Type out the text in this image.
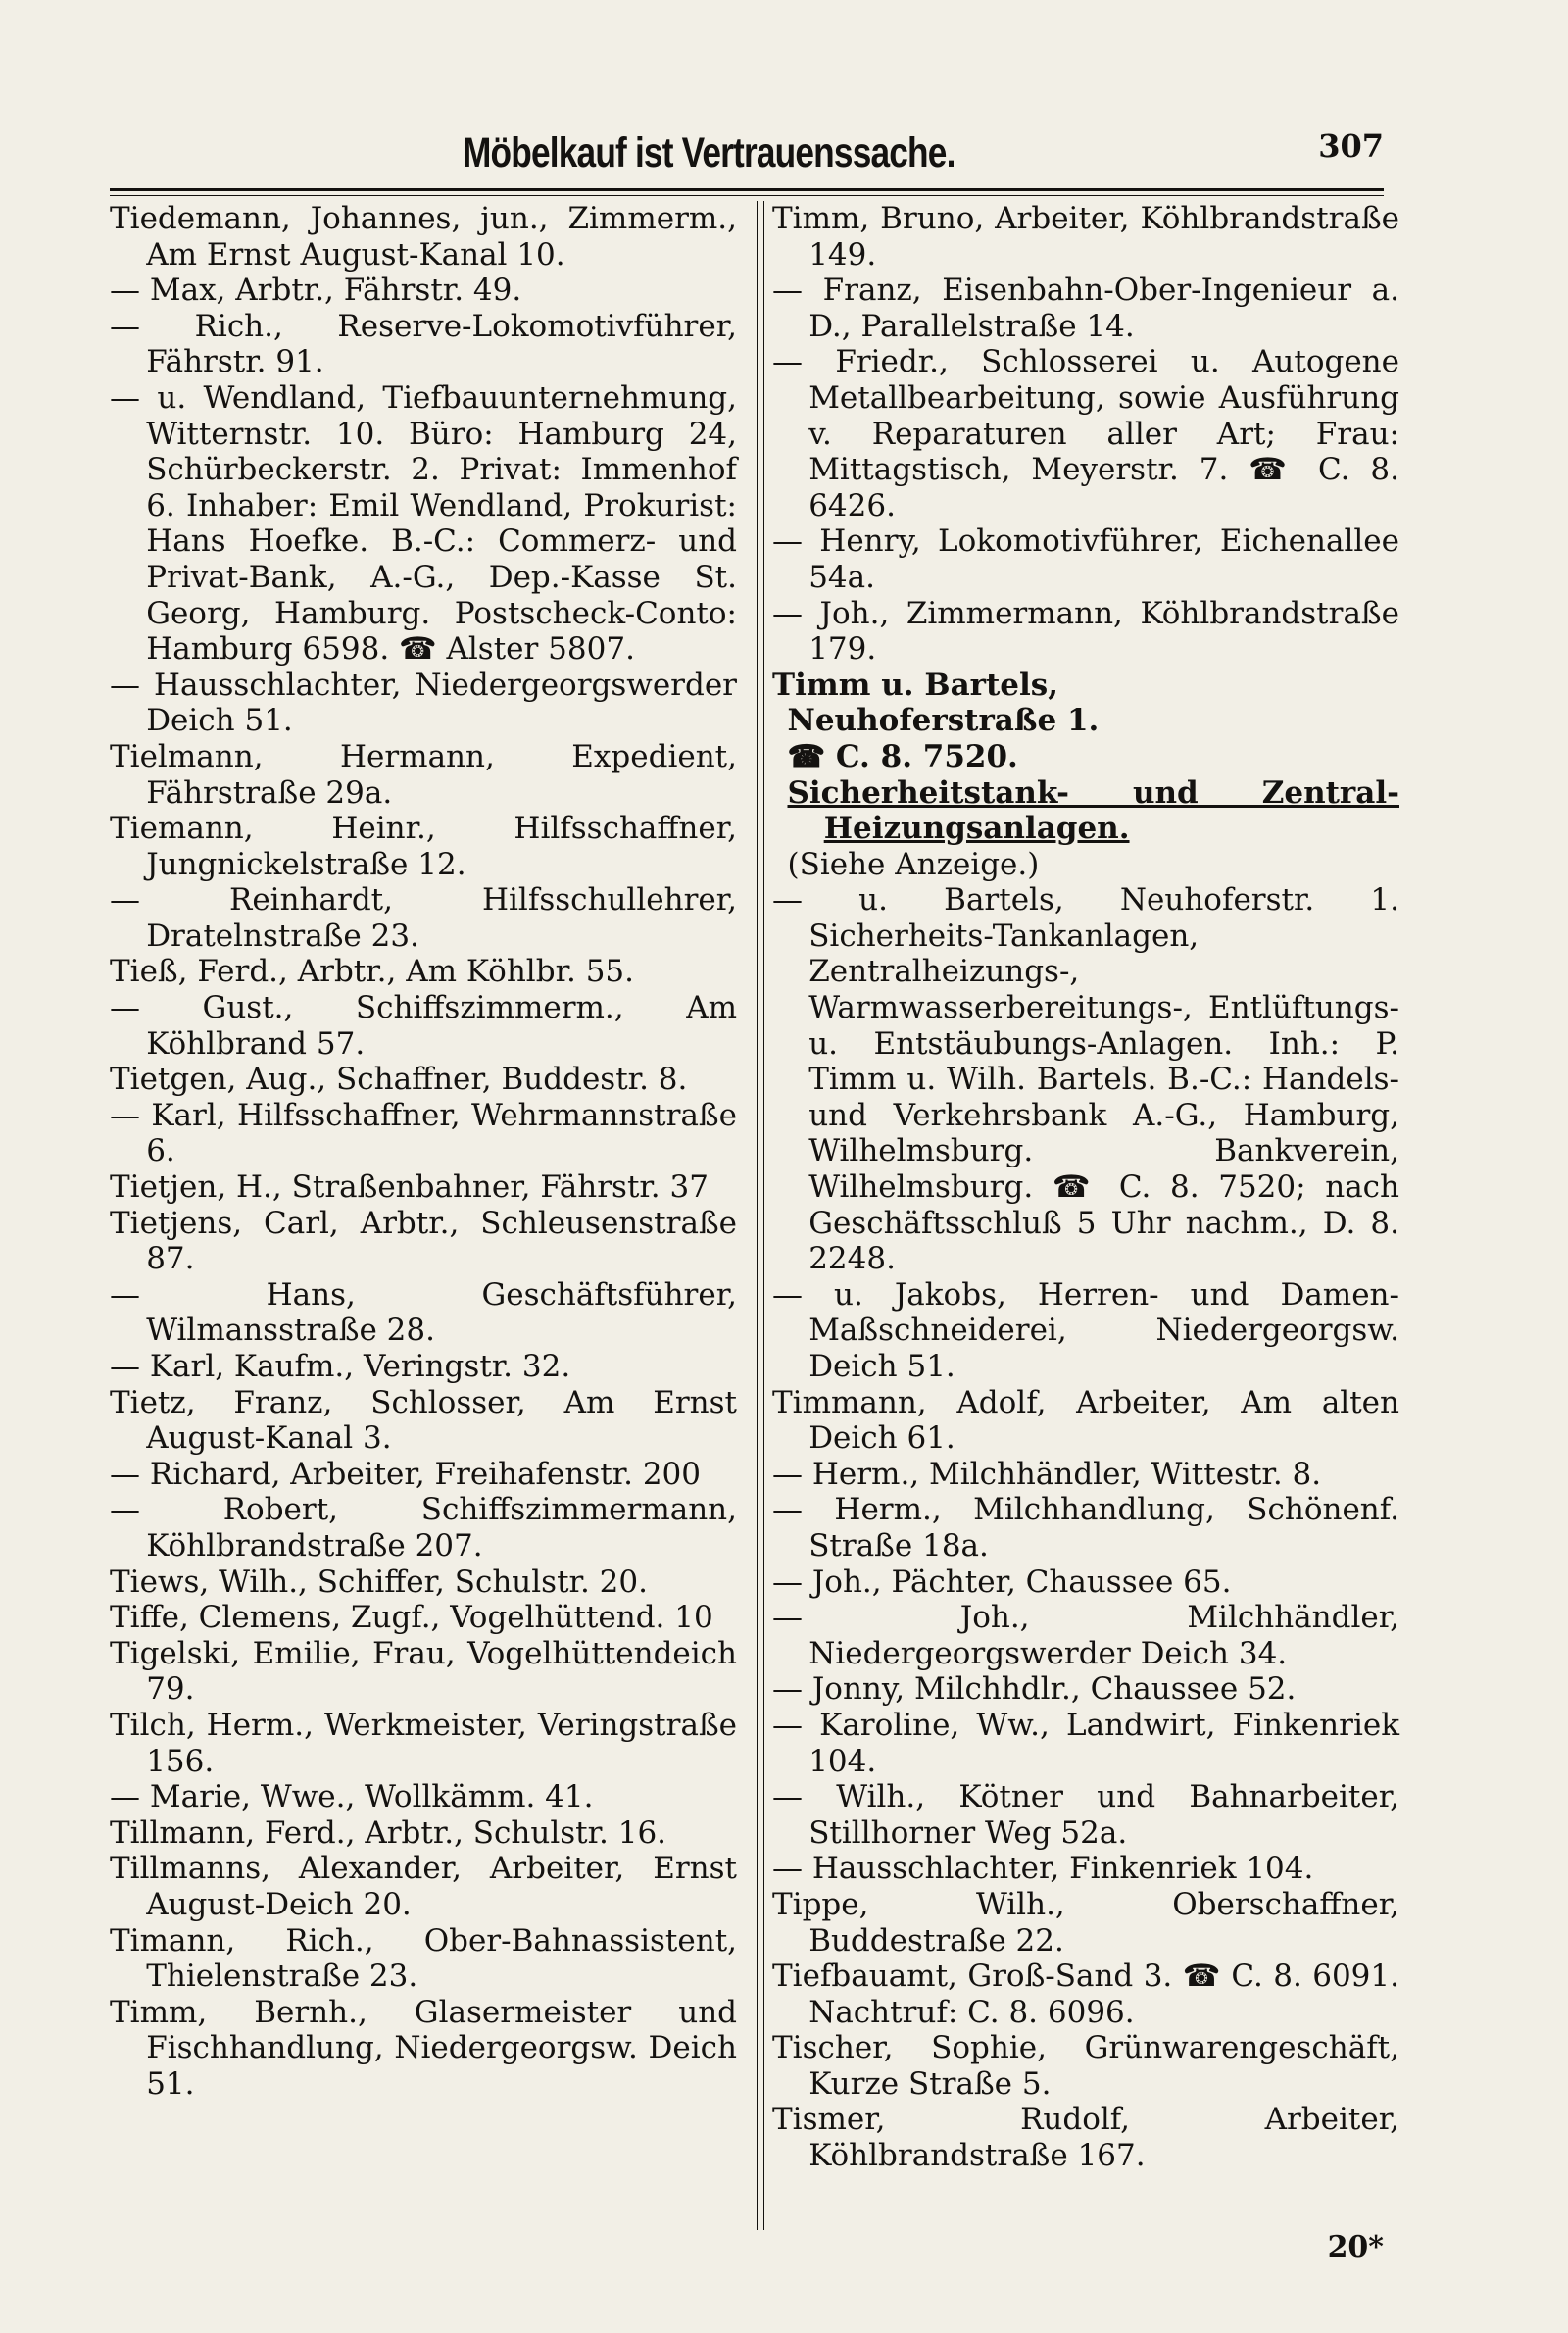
Möbelkauf ist Vertrauenssache.	307
Tiedemann, Johannes, jun., Zimmerm., Am Ernst August-Kanal 10.
— Max, Arbtr., Fährstr. 49.
— Rich., Reserve-Lokomotivführer, Fährstr. 91.
— u. Wendland, Tiefbauunternehmung, Witternstr. 10. Büro: Hamburg 24, Schürbeckerstr. 2. Privat: Immenhof 6. Inhaber: Emil Wendland, Prokurist: Hans Hoefke. B.-C.: Commerz- und Privat-Bank, A.-G., Dep.-Kasse St. Georg, Hamburg. Postscheck-Conto: Hamburg 6598. ☎ Alster 5807.
— Hausschlachter, Niedergeorgswerder Deich 51.
Tielmann, Hermann, Expedient, Fährstraße 29a.
Tiemann, Heinr., Hilfsschaffner, Jungnickelstraße 12.
— Reinhardt, Hilfsschullehrer, Dratelnstraße 23.
Tieß, Ferd., Arbtr., Am Köhlbr. 55.
— Gust., Schiffszimmerm., Am Köhlbrand 57.
Tietgen, Aug., Schaffner, Buddestr. 8.
— Karl, Hilfsschaffner, Wehrmannstraße 6.
Tietjen, H., Straßenbahner, Fährstr. 37
Tietjens, Carl, Arbtr., Schleusenstraße 87.
— Hans, Geschäftsführer, Wilmansstraße 28.
— Karl, Kaufm., Veringstr. 32.
Tietz, Franz, Schlosser, Am Ernst August-Kanal 3.
— Richard, Arbeiter, Freihafenstr. 200
— Robert, Schiffszimmermann, Köhlbrandstraße 207.
Tiews, Wilh., Schiffer, Schulstr. 20.
Tiffe, Clemens, Zugf., Vogelhüttend. 10
Tigelski, Emilie, Frau, Vogelhüttendeich 79.
Tilch, Herm., Werkmeister, Veringstraße 156.
— Marie, Wwe., Wollkämm. 41.
Tillmann, Ferd., Arbtr., Schulstr. 16.
Tillmanns, Alexander, Arbeiter, Ernst August-Deich 20.
Timann, Rich., Ober-Bahnassistent, Thielenstraße 23.
Timm, Bernh., Glasermeister und Fischhandlung, Niedergeorgsw. Deich 51.
Timm, Bruno, Arbeiter, Köhlbrandstraße 149.
— Franz, Eisenbahn-Ober-Ingenieur a. D., Parallelstraße 14.
— Friedr., Schlosserei u. Autogene Metallbearbeitung, sowie Ausführung v. Reparaturen aller Art; Frau: Mittagstisch, Meyerstr. 7. ☎ C. 8. 6426.
— Henry, Lokomotivführer, Eichenallee 54a.
— Joh., Zimmermann, Köhlbrandstraße 179.
Timm u. Bartels,
Neuhoferstraße 1.
☎ C. 8. 7520.
Sicherheitstank- und Zentral-Heizungsanlagen.
(Siehe Anzeige.)
— u. Bartels, Neuhoferstr. 1. Sicherheits-Tankanlagen, Zentralheizungs-, Warmwasserbereitungs-, Entlüftungs- u. Entstäubungs-Anlagen. Inh.: P. Timm u. Wilh. Bartels. B.-C.: Handels- und Verkehrsbank A.-G., Hamburg, Wilhelmsburg. Bankverein, Wilhelmsburg. ☎ C. 8. 7520; nach Geschäftsschluß 5 Uhr nachm., D. 8. 2248.
— u. Jakobs, Herren- und Damen-Maßschneiderei, Niedergeorgsw. Deich 51.
Timmann, Adolf, Arbeiter, Am alten Deich 61.
— Herm., Milchhändler, Wittestr. 8.
— Herm., Milchhandlung, Schönenf. Straße 18a.
— Joh., Pächter, Chaussee 65.
— Joh., Milchhändler, Niedergeorgswerder Deich 34.
— Jonny, Milchhdlr., Chaussee 52.
— Karoline, Ww., Landwirt, Finkenriek 104.
— Wilh., Kötner und Bahnarbeiter, Stillhorner Weg 52a.
— Hausschlachter, Finkenriek 104.
Tippe, Wilh., Oberschaffner, Buddestraße 22.
Tiefbauamt, Groß-Sand 3. ☎ C. 8. 6091. Nachtruf: C. 8. 6096.
Tischer, Sophie, Grünwarengeschäft, Kurze Straße 5.
Tismer, Rudolf, Arbeiter, Köhlbrandstraße 167.
20*
